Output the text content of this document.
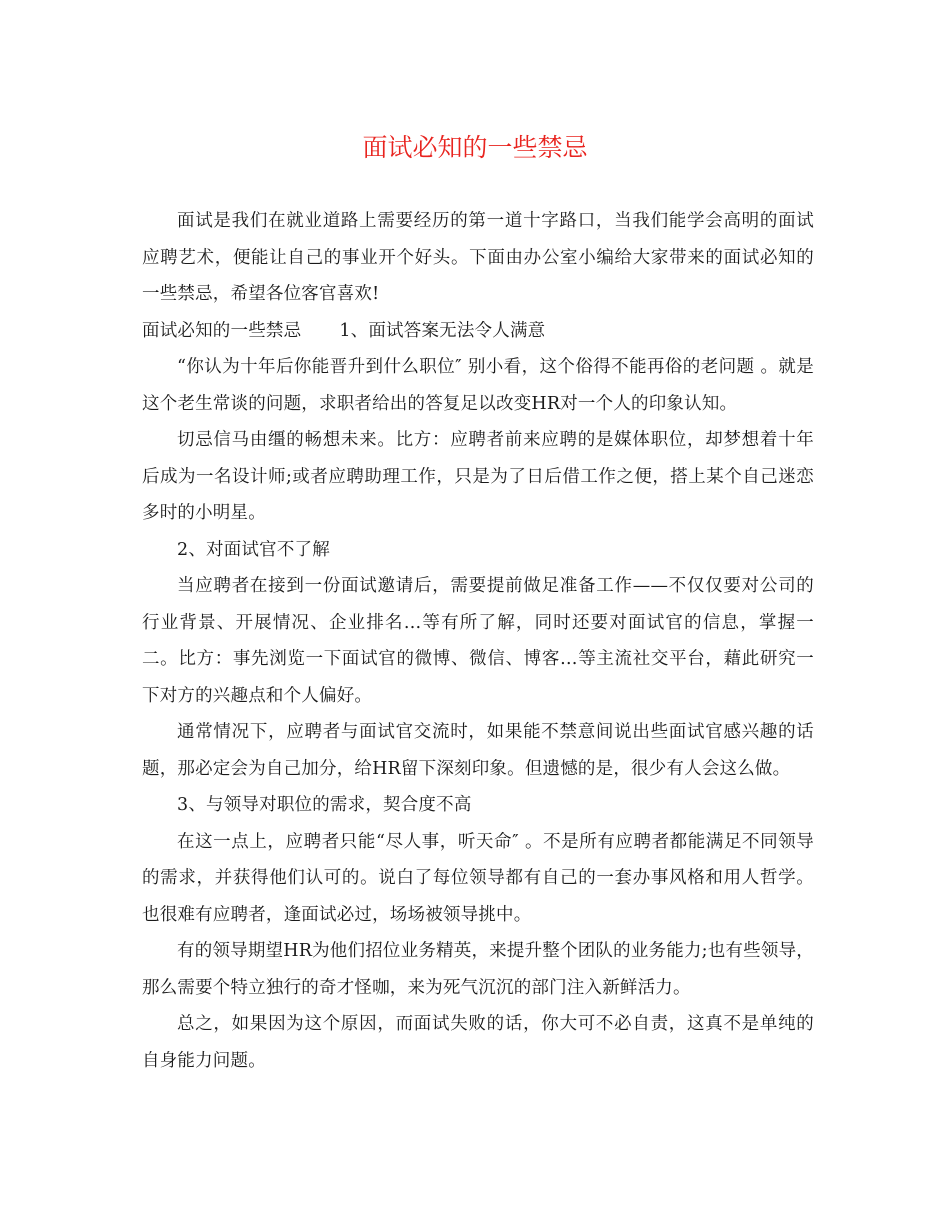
面试必知的一些禁忌

面试是我们在就业道路上需要经历的第一道十字路口，当我们能学会高明的面试应聘艺术，便能让自己的事业开个好头。下面由办公室小编给大家带来的面试必知的一些禁忌，希望各位客官喜欢!

面试必知的一些禁忌 1、面试答案无法令人满意

“你认为十年后你能晋升到什么职位″ 别小看，这个俗得不能再俗的老问题 。就是这个老生常谈的问题，求职者给出的答复足以改变HR对一个人的印象认知。

切忌信马由缰的畅想未来。比方：应聘者前来应聘的是媒体职位，却梦想着十年后成为一名设计师;或者应聘助理工作，只是为了日后借工作之便，搭上某个自己迷恋多时的小明星。

2、对面试官不了解

当应聘者在接到一份面试邀请后，需要提前做足准备工作——不仅仅要对公司的行业背景、开展情况、企业排名…等有所了解，同时还要对面试官的信息，掌握一二。比方：事先浏览一下面试官的微博、微信、博客…等主流社交平台，藉此研究一下对方的兴趣点和个人偏好。

通常情况下，应聘者与面试官交流时，如果能不禁意间说出些面试官感兴趣的话题，那必定会为自己加分，给HR留下深刻印象。但遗憾的是，很少有人会这么做。

3、与领导对职位的需求，契合度不高

在这一点上，应聘者只能“尽人事，听天命″ 。不是所有应聘者都能满足不同领导的需求，并获得他们认可的。说白了每位领导都有自己的一套办事风格和用人哲学。也很难有应聘者，逢面试必过，场场被领导挑中。

有的领导期望HR为他们招位业务精英，来提升整个团队的业务能力;也有些领导，那么需要个特立独行的奇才怪咖，来为死气沉沉的部门注入新鲜活力。

总之，如果因为这个原因，而面试失败的话，你大可不必自责，这真不是单纯的自身能力问题。
